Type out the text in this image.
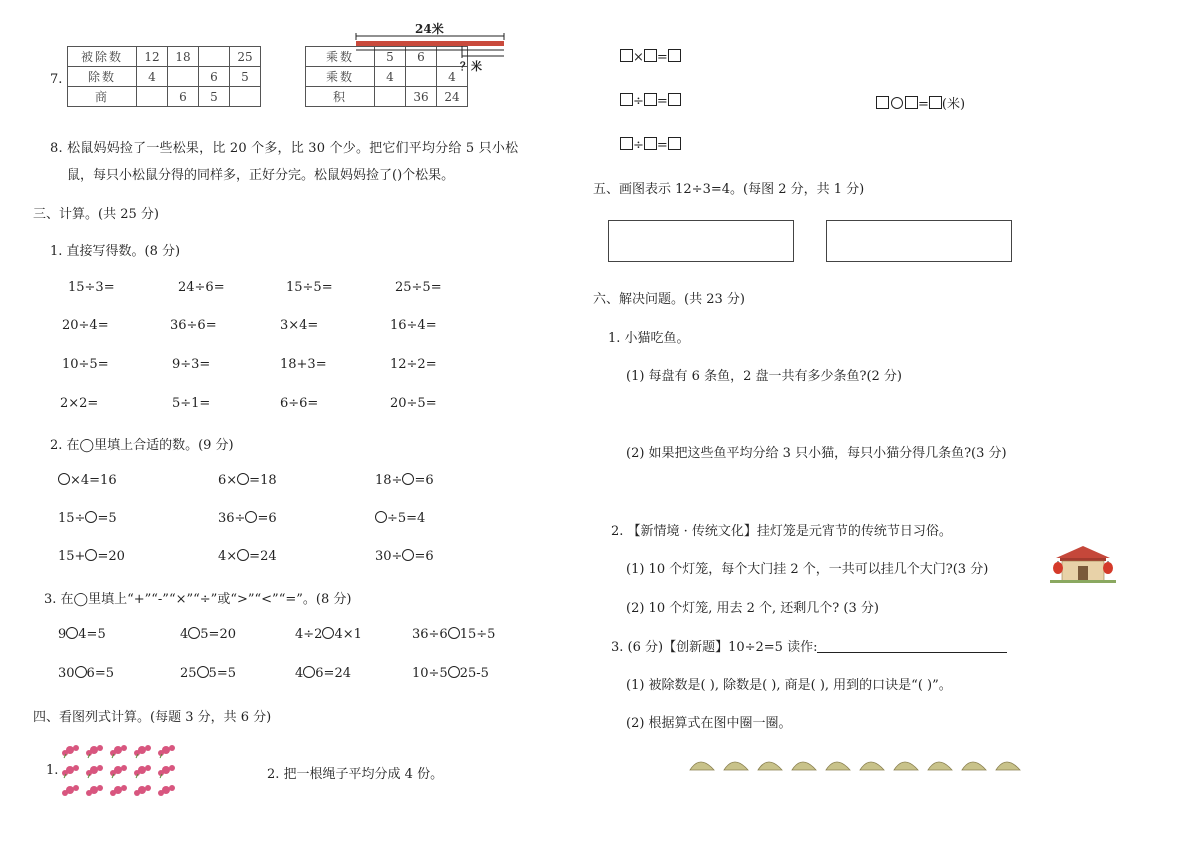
7.
被除数	12	18		25
除数	4		6	5
商		6	5	
乘数	5	6	
乘数	4		4
积		36	24
24米
？米
8. 松鼠妈妈捡了一些松果，比 20 个多，比 30 个少。把它们平均分给 5 只小松
鼠，每只小松鼠分得的同样多，正好分完。松鼠妈妈捡了()个松果。
三、计算。(共 25 分)
1. 直接写得数。(8 分)
15÷3=	24÷6=	15÷5=	25÷5=
20÷4=	36÷6=	3×4=	16÷4=
10÷5=	9÷3=	18+3=	12÷2=
2×2=	5÷1=	6÷6=	20÷5=
2. 在◯里填上合适的数。(9 分)
×4=16	6× =18	18÷ =6
15÷ =5	36÷ =6	÷5=4
15+ =20	4× =24	30÷ =6
3. 在◯里填上“+”“-”“×”“÷”或“>”“<”“=”。(8 分)
9 4=5	4 5=20	4÷2 4×1	36÷6 15÷5
30 6=5	25 5=5	4 6=24	10÷5 25-5
四、看图列式计算。(每题 3 分，共 6 分)
1.	2. 把一根绳子平均分成 4 份。
× =
÷ =	= (米)
÷ =
五、画图表示 12÷3=4。(每图 2 分，共 1 分)
六、解决问题。(共 23 分)
1. 小猫吃鱼。
(1) 每盘有 6 条鱼，2 盘一共有多少条鱼?(2 分)
(2) 如果把这些鱼平均分给 3 只小猫，每只小猫分得几条鱼?(3 分)
2. 【新情境 · 传统文化】挂灯笼是元宵节的传统节日习俗。
(1) 10 个灯笼，每个大门挂 2 个，一共可以挂几个大门?(3 分)
(2) 10 个灯笼, 用去 2 个, 还剩几个? (3 分)
3. (6 分)【创新题】10÷2=5 读作:
(1) 被除数是( ), 除数是( ), 商是( ), 用到的口诀是“( )”。
(2) 根据算式在图中圈一圈。
